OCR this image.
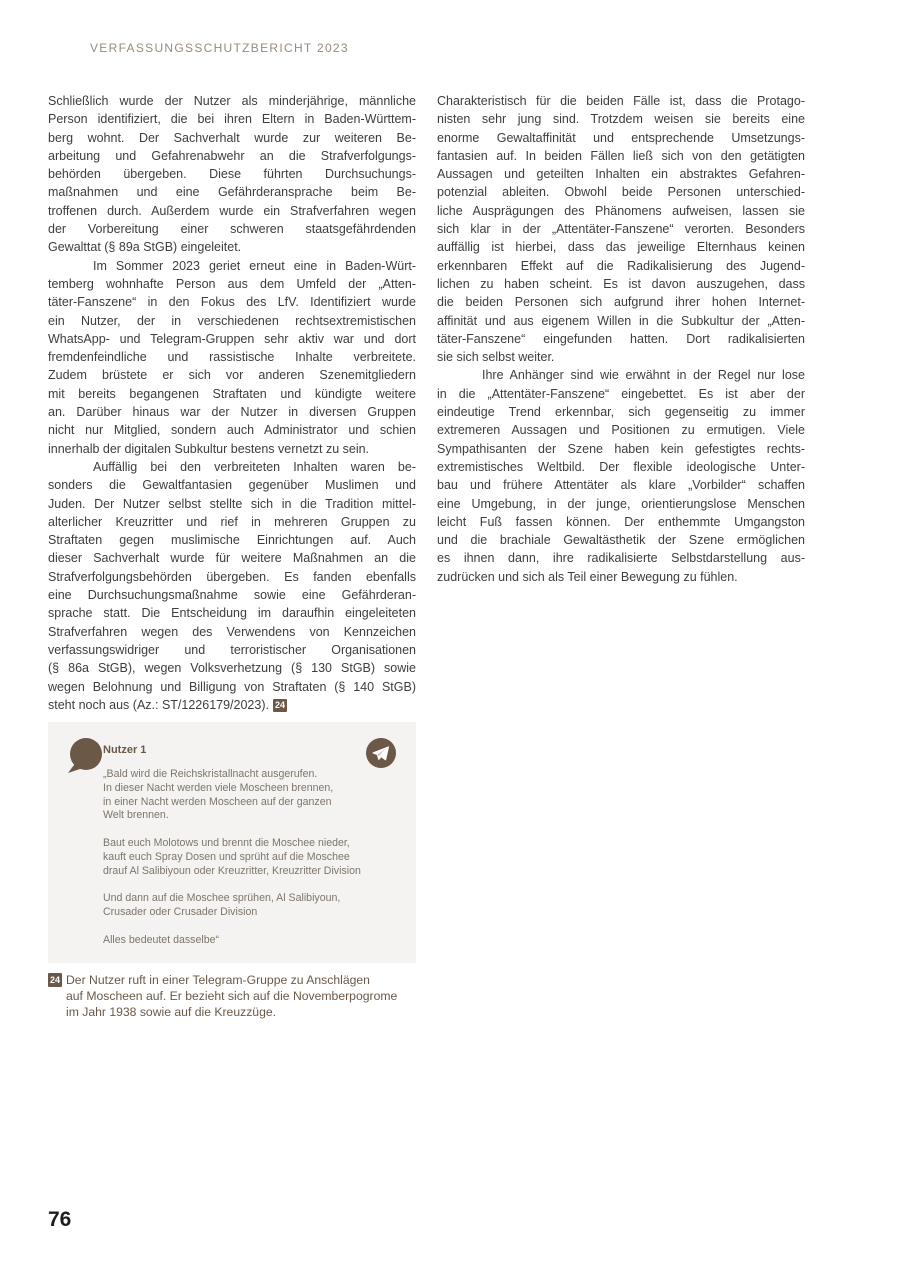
VERFASSUNGSSCHUTZBERICHT 2023
Schließlich wurde der Nutzer als minderjährige, männliche
Person identifiziert, die bei ihren Eltern in Baden-Württem-
berg wohnt. Der Sachverhalt wurde zur weiteren Be-
arbeitung und Gefahrenabwehr an die Strafverfolgungs-
behörden übergeben. Diese führten Durchsuchungs-
maßnahmen und eine Gefährderansprache beim Be-
troffenen durch. Außerdem wurde ein Strafverfahren wegen
der Vorbereitung einer schweren staatsgefährdenden
Gewalttat (§ 89a StGB) eingeleitet.
Im Sommer 2023 geriet erneut eine in Baden-Würt-
temberg wohnhafte Person aus dem Umfeld der „Atten-
täter-Fanszene“ in den Fokus des LfV. Identifiziert wurde
ein Nutzer, der in verschiedenen rechtsextremistischen
WhatsApp- und Telegram-Gruppen sehr aktiv war und dort
fremdenfeindliche und rassistische Inhalte verbreitete.
Zudem brüstete er sich vor anderen Szenemitgliedern
mit bereits begangenen Straftaten und kündigte weitere
an. Darüber hinaus war der Nutzer in diversen Gruppen
nicht nur Mitglied, sondern auch Administrator und schien
innerhalb der digitalen Subkultur bestens vernetzt zu sein.
Auffällig bei den verbreiteten Inhalten waren be-
sonders die Gewaltfantasien gegenüber Muslimen und
Juden. Der Nutzer selbst stellte sich in die Tradition mittel-
alterlicher Kreuzritter und rief in mehreren Gruppen zu
Straftaten gegen muslimische Einrichtungen auf. Auch
dieser Sachverhalt wurde für weitere Maßnahmen an die
Strafverfolgungsbehörden übergeben. Es fanden ebenfalls
eine Durchsuchungsmaßnahme sowie eine Gefährderan-
sprache statt. Die Entscheidung im daraufhin eingeleiteten
Strafverfahren wegen des Verwendens von Kennzeichen
verfassungswidriger und terroristischer Organisationen
(§ 86a StGB), wegen Volksverhetzung (§ 130 StGB) sowie
wegen Belohnung und Billigung von Straftaten (§ 140 StGB)
steht noch aus (Az.: ST/1226179/2023). 24
Charakteristisch für die beiden Fälle ist, dass die Protago-
nisten sehr jung sind. Trotzdem weisen sie bereits eine
enorme Gewaltaffinität und entsprechende Umsetzungs-
fantasien auf. In beiden Fällen ließ sich von den getätigten
Aussagen und geteilten Inhalten ein abstraktes Gefahren-
potenzial ableiten. Obwohl beide Personen unterschied-
liche Ausprägungen des Phänomens aufweisen, lassen sie
sich klar in der „Attentäter-Fanszene“ verorten. Besonders
auffällig ist hierbei, dass das jeweilige Elternhaus keinen
erkennbaren Effekt auf die Radikalisierung des Jugend-
lichen zu haben scheint. Es ist davon auszugehen, dass
die beiden Personen sich aufgrund ihrer hohen Internet-
affinität und aus eigenem Willen in die Subkultur der „Atten-
täter-Fanszene“ eingefunden hatten. Dort radikalisierten
sie sich selbst weiter.
Ihre Anhänger sind wie erwähnt in der Regel nur lose
in die „Attentäter-Fanszene“ eingebettet. Es ist aber der
eindeutige Trend erkennbar, sich gegenseitig zu immer
extremeren Aussagen und Positionen zu ermutigen. Viele
Sympathisanten der Szene haben kein gefestigtes rechts-
extremistisches Weltbild. Der flexible ideologische Unter-
bau und frühere Attentäter als klare „Vorbilder“ schaffen
eine Umgebung, in der junge, orientierungslose Menschen
leicht Fuß fassen können. Der enthemmte Umgangston
und die brachiale Gewaltästhetik der Szene ermöglichen
es ihnen dann, ihre radikalisierte Selbstdarstellung aus-
zudrücken und sich als Teil einer Bewegung zu fühlen.
Nutzer 1
„Bald wird die Reichskristallnacht ausgerufen.
In dieser Nacht werden viele Moscheen brennen,
in einer Nacht werden Moscheen auf der ganzen
Welt brennen.
Baut euch Molotows und brennt die Moschee nieder,
kauft euch Spray Dosen und sprüht auf die Moschee
drauf Al Salibiyoun oder Kreuzritter, Kreuzritter Division
Und dann auf die Moschee sprühen, Al Salibiyoun,
Crusader oder Crusader Division
Alles bedeutet dasselbe“
24 Der Nutzer ruft in einer Telegram-Gruppe zu Anschlägen
auf Moscheen auf. Er bezieht sich auf die Novemberpogrome
im Jahr 1938 sowie auf die Kreuzzüge.
76
